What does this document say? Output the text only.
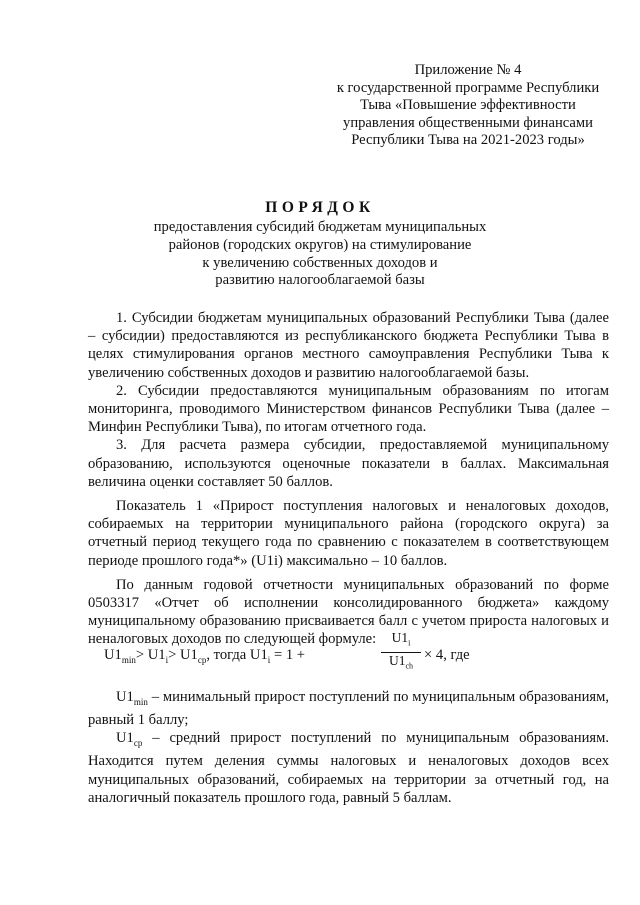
Приложение № 4
к государственной программе Республики
Тыва «Повышение эффективности
управления общественными финансами
Республики Тыва на 2021-2023 годы»
ПОРЯДОК
предоставления субсидий бюджетам муниципальных
районов (городских округов) на стимулирование
к увеличению собственных доходов и
развитию налогооблагаемой базы

1. Субсидии бюджетам муниципальных образований Республики Тыва (далее – субсидии) предоставляются из республиканского бюджета Республики Тыва в целях стимулирования органов местного самоуправления Республики Тыва к увеличению собственных доходов и развитию налогооблагаемой базы.

2. Субсидии предоставляются муниципальным образованиям по итогам мониторинга, проводимого Министерством финансов Республики Тыва (далее – Минфин Республики Тыва), по итогам отчетного года.

3. Для расчета размера субсидии, предоставляемой муниципальному образованию, используются оценочные показатели в баллах. Максимальная величина оценки составляет 50 баллов.

Показатель 1 «Прирост поступления налоговых и неналоговых доходов, собираемых на территории муниципального района (городского округа) за отчетный период текущего года по сравнению с показателем в соответствующем периоде прошлого года*» (U1i) максимально – 10 баллов.

По данным годовой отчетности муниципальных образований по форме 0503317 «Отчет об исполнении консолидированного бюджета» каждому муниципальному образованию присваивается балл с учетом прироста налоговых и неналоговых доходов по следующей формуле:

$U1_{min}> U1_i> U1_{cp}$, тогда $U1_i = 1$ +	$\frac{U1_i}{U1_{ch}} \times 4$, где

$U1_{min}$ – минимальный прирост поступлений по муниципальным образованиям, равный 1 баллу;

$U1_{cp}$ – средний прирост поступлений по муниципальным образованиям. Находится путем деления суммы налоговых и неналоговых доходов всех муниципальных образований, собираемых на территории за отчетный год, на аналогичный показатель прошлого года, равный 5 баллам.
